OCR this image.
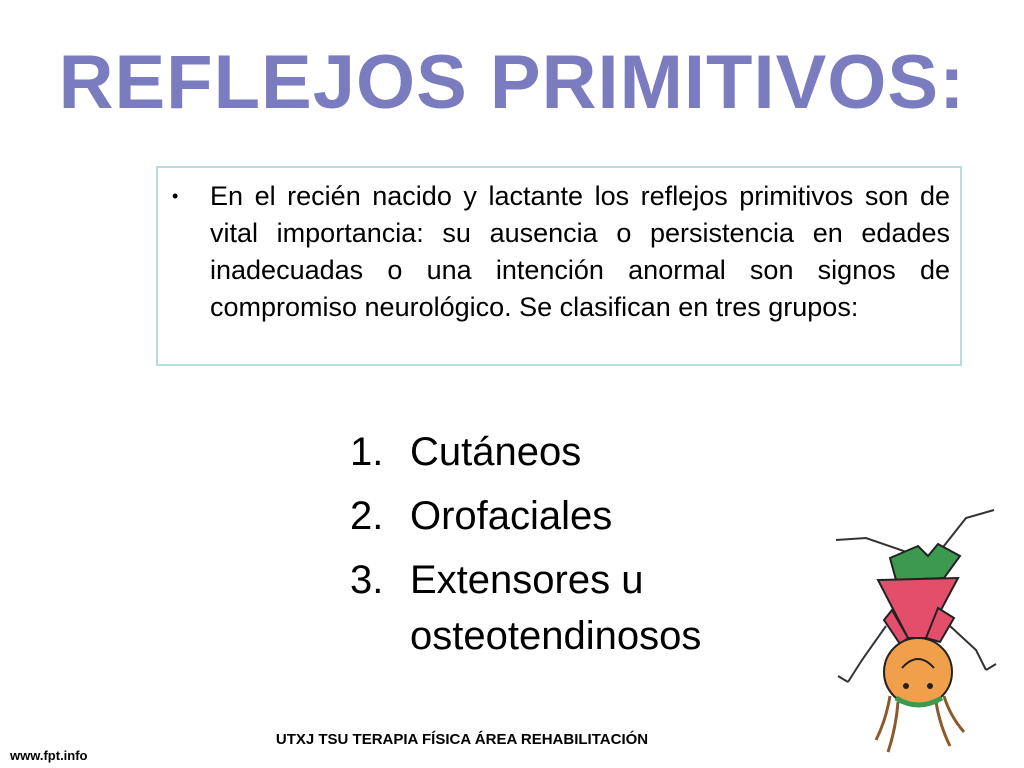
REFLEJOS PRIMITIVOS:
•	En el recién nacido y lactante los reflejos primitivos son de vital importancia: su ausencia o persistencia en edades inadecuadas o una intención anormal son signos de compromiso neurológico. Se clasifican en tres grupos:
1. Cutáneos
2. Orofaciales
3. Extensores u osteotendinosos
UTXJ TSU TERAPIA FÍSICA ÁREA REHABILITACIÓN
www.fpt.info
